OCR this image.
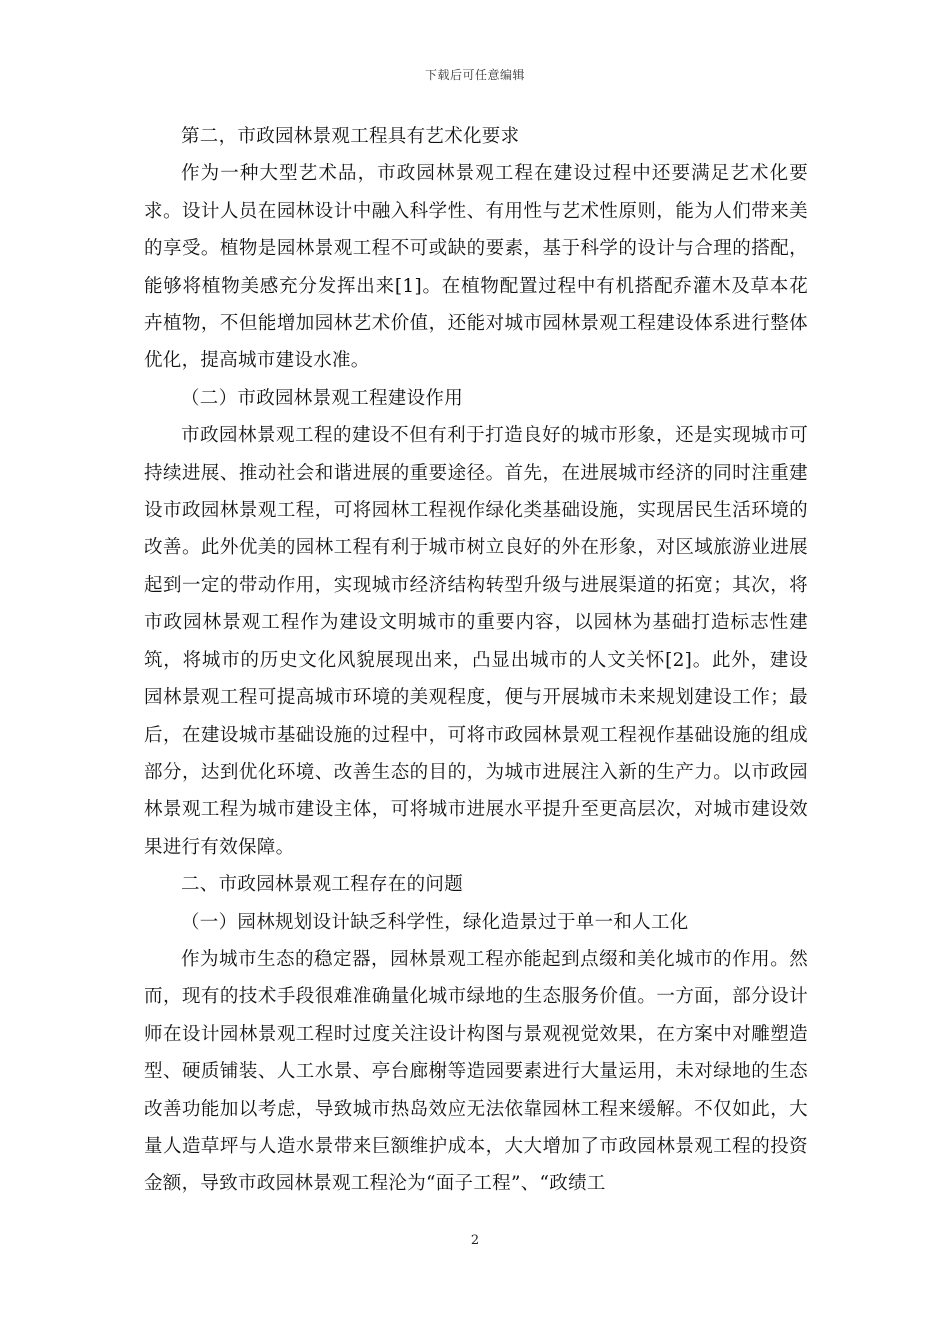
下载后可任意编辑

第二，市政园林景观工程具有艺术化要求

作为一种大型艺术品，市政园林景观工程在建设过程中还要满足艺术化要求。设计人员在园林设计中融入科学性、有用性与艺术性原则，能为人们带来美的享受。植物是园林景观工程不可或缺的要素，基于科学的设计与合理的搭配，能够将植物美感充分发挥出来[1]。在植物配置过程中有机搭配乔灌木及草本花卉植物，不但能增加园林艺术价值，还能对城市园林景观工程建设体系进行整体优化，提高城市建设水准。

（二）市政园林景观工程建设作用

市政园林景观工程的建设不但有利于打造良好的城市形象，还是实现城市可持续进展、推动社会和谐进展的重要途径。首先，在进展城市经济的同时注重建设市政园林景观工程，可将园林工程视作绿化类基础设施，实现居民生活环境的改善。此外优美的园林工程有利于城市树立良好的外在形象，对区域旅游业进展起到一定的带动作用，实现城市经济结构转型升级与进展渠道的拓宽；其次，将市政园林景观工程作为建设文明城市的重要内容，以园林为基础打造标志性建筑，将城市的历史文化风貌展现出来，凸显出城市的人文关怀[2]。此外，建设园林景观工程可提高城市环境的美观程度，便与开展城市未来规划建设工作；最后，在建设城市基础设施的过程中，可将市政园林景观工程视作基础设施的组成部分，达到优化环境、改善生态的目的，为城市进展注入新的生产力。以市政园林景观工程为城市建设主体，可将城市进展水平提升至更高层次，对城市建设效果进行有效保障。

二、市政园林景观工程存在的问题

（一）园林规划设计缺乏科学性，绿化造景过于单一和人工化

作为城市生态的稳定器，园林景观工程亦能起到点缀和美化城市的作用。然而，现有的技术手段很难准确量化城市绿地的生态服务价值。一方面，部分设计师在设计园林景观工程时过度关注设计构图与景观视觉效果，在方案中对雕塑造型、硬质铺装、人工水景、亭台廊榭等造园要素进行大量运用，未对绿地的生态改善功能加以考虑，导致城市热岛效应无法依靠园林工程来缓解。不仅如此，大量人造草坪与人造水景带来巨额维护成本，大大增加了市政园林景观工程的投资金额，导致市政园林景观工程沦为“面子工程”、“政绩工

2
